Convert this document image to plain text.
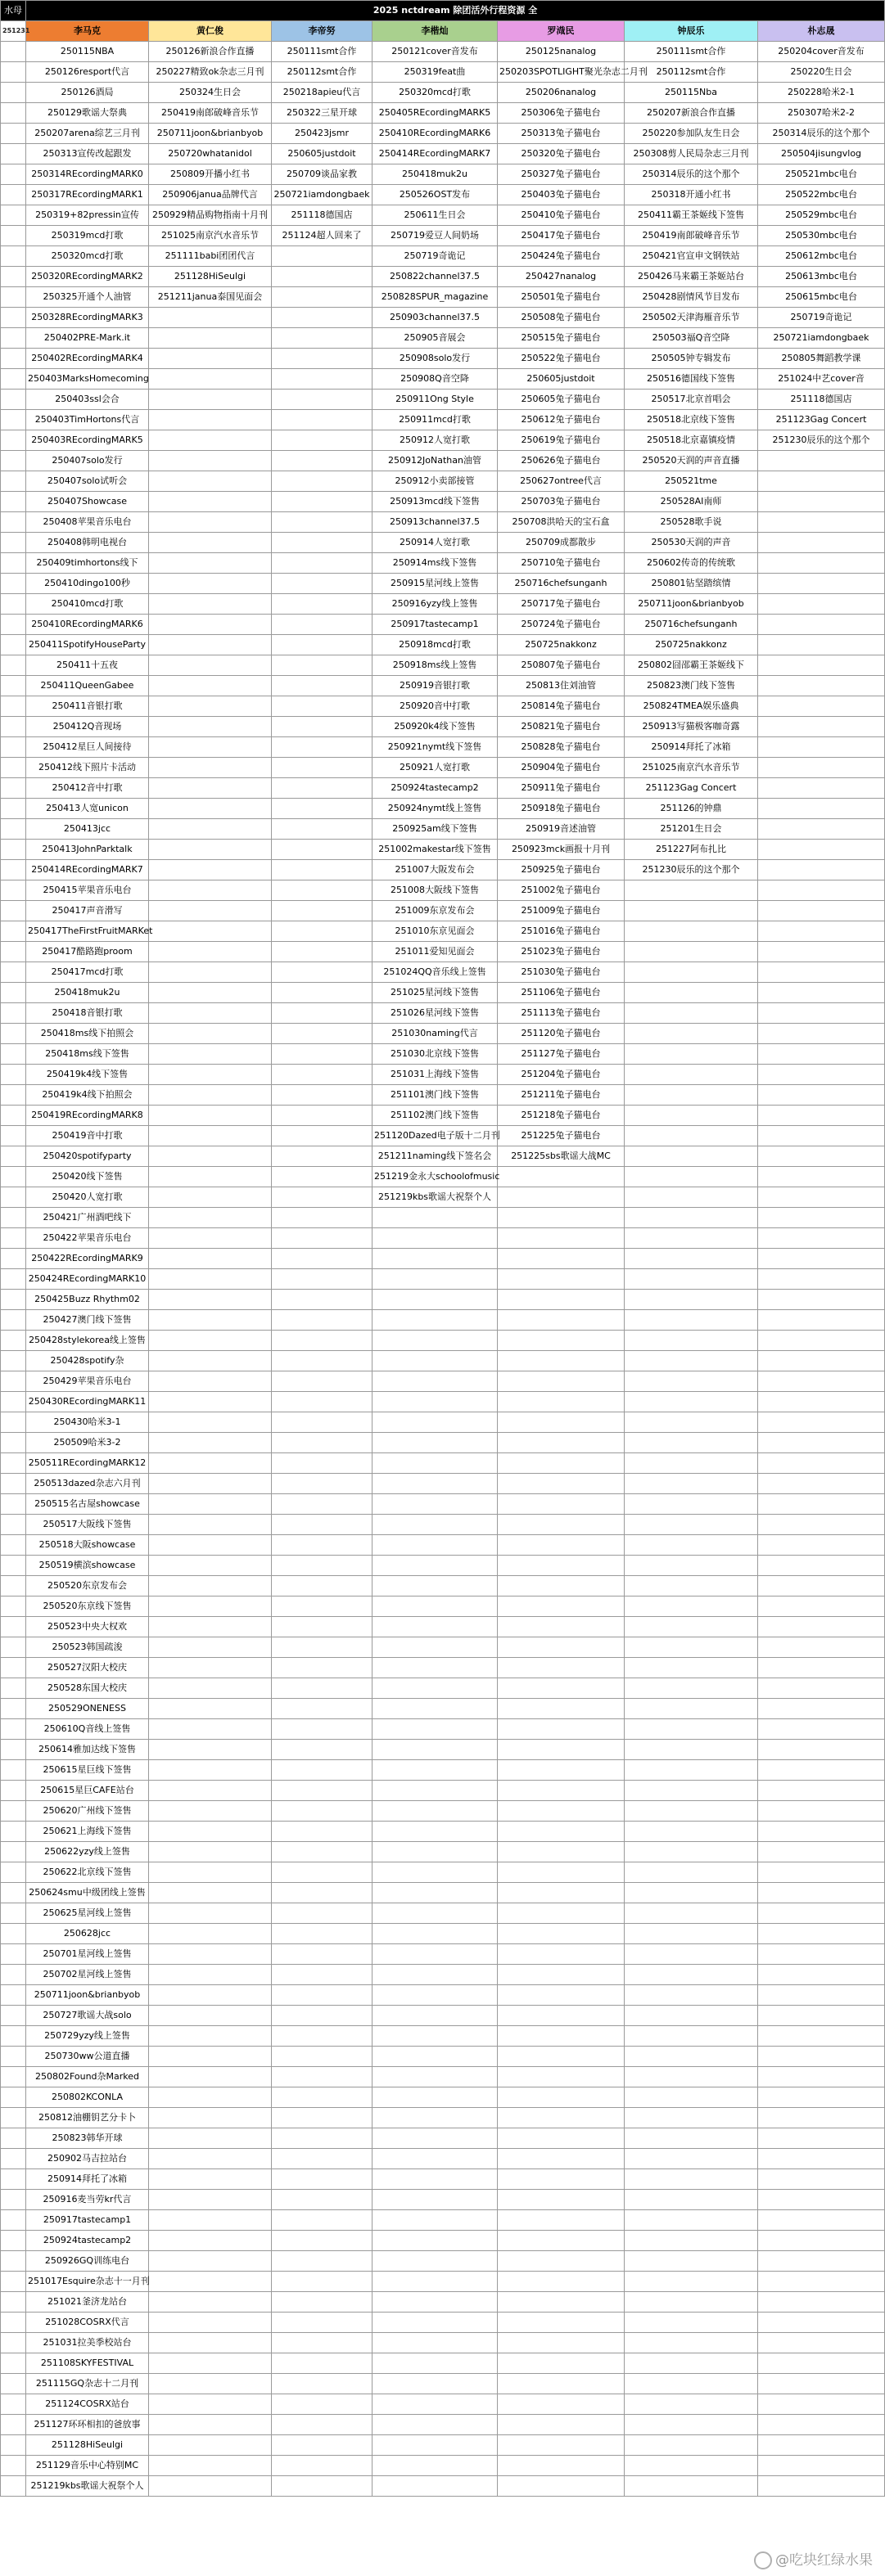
水母	2025 nctdream 除团活外行程资源 全						
251231	李马克	黄仁俊	李帝努	李楷灿	罗渽民	钟辰乐	朴志晟
	250115NBA	250126新浪合作直播	250111smt合作	250121cover音发布	250125nanalog	250111smt合作	250204cover音发布
	250126resport代言	250227精致ok杂志三月刊	250112smt合作	250319feat曲	250203SPOTLIGHT聚光杂志二月刊	250112smt合作	250220生日会
	250126酒局	250324生日会	250218apieu代言	250320mcd打歌	250206nanalog	250115Nba	250228哈米2-1
	250129歌谣大祭典	250419南郎破峰音乐节	250322三星开球	250405REcordingMARK5	250306兔子猫电台	250207新浪合作直播	250307哈米2-2
	250207arena综艺三月刊	250711joon&brianbyob	250423jsmr	250410REcordingMARK6	250313兔子猫电台	250220参加队友生日会	250314辰乐的这个那个
	250313宣传改起跟发	250720whatanidol	250605justdoit	250414REcordingMARK7	250320兔子猫电台	250308剪人民局杂志三月刊	250504jisungvlog
	250314REcordingMARK0	250809开播小红书	250709谈品家教	250418muk2u	250327兔子猫电台	250314辰乐的这个那个	250521mbc电台
	250317REcordingMARK1	250906janua品牌代言	250721iamdongbaek	250526OST发布	250403兔子猫电台	250318开通小红书	250522mbc电台
	250319+82pressin宣传	250929精品购物指南十月刊	251118德国店	250611生日会	250410兔子猫电台	250411霸王茶姬线下签售	250529mbc电台
	250319mcd打歌	251025南京汽水音乐节	251124超人回来了	250719爱豆人间奶场	250417兔子猫电台	250419南郎破峰音乐节	250530mbc电台
	250320mcd打歌	251111babi团团代言		250719奇诡记	250424兔子猫电台	250421官宣申文钢铁站	250612mbc电台
	250320REcordingMARK2	251128HiSeulgi		250822channel37.5	250427nanalog	250426马来霸王茶姬站台	250613mbc电台
	250325开通个人油管	251211janua泰国见面会		250828SPUR_magazine	250501兔子猫电台	250428剧情风节目发布	250615mbc电台
	250328REcordingMARK3			250903channel37.5	250508兔子猫电台	250502天津海雁音乐节	250719奇诡记
	250402PRE-Mark.it			250905音展会	250515兔子猫电台	250503福Q音空降	250721iamdongbaek
	250402REcordingMARK4			250908solo发行	250522兔子猫电台	250505钟专辑发布	250805舞蹈教学课
	250403MarksHomecoming			250908Q音空降	250605justdoit	250516德国线下签售	251024中艺cover音
	250403ssl会合			250911Ong Style	250605兔子猫电台	250517北京首唱会	251118德国店
	250403TimHortons代言			250911mcd打歌	250612兔子猫电台	250518北京线下签售	251123Gag Concert
	250403REcordingMARK5			250912人宽打歌	250619兔子猫电台	250518北京嘉镇疫情	251230辰乐的这个那个
	250407solo发行			250912JoNathan油管	250626兔子猫电台	250520天润的声音直播	
	250407solo试听会			250912小卖部接管	250627ontree代言	250521tme	
	250407Showcase			250913mcd线下签售	250703兔子猫电台	250528AI南师	
	250408苹果音乐电台			250913channel37.5	250708洪哈天的宝石盒	250528歌手说	
	250408韩明电视台			250914人宽打歌	250709成都散步	250530天润的声音	
	250409timhortons线下			250914ms线下签售	250710兔子猫电台	250602传奇的传统歌	
	250410dingo100秒			250915星河线上签售	250716chefsunganh	250801钻坚踏缤情	
	250410mcd打歌			250916yzy线上签售	250717兔子猫电台	250711joon&brianbyob	
	250410REcordingMARK6			250917tastecamp1	250724兔子猫电台	250716chefsunganh	
	250411SpotifyHouseParty			250918mcd打歌	250725nakkonz	250725nakkonz	
	250411十五夜			250918ms线上签售	250807兔子猫电台	250802囧邵霸王茶姬线下	
	250411QueenGabee			250919音银打歌	250813住刘油管	250823澳门线下签售	
	250411音银打歌			250920音中打歌	250814兔子猫电台	250824TMEA娱乐盛典	
	250412Q音现场			250920k4线下签售	250821兔子猫电台	250913写猫极客咖奇露	
	250412星巨人间接待			250921nymt线下签售	250828兔子猫电台	250914拜托了冰箱	
	250412线下照片卡活动			250921人宽打歌	250904兔子猫电台	251025南京汽水音乐节	
	250412音中打歌			250924tastecamp2	250911兔子猫电台	251123Gag Concert	
	250413人宽unicon			250924nymt线上签售	250918兔子猫电台	251126的钟鼎	
	250413jcc			250925am线下签售	250919音述油管	251201生日会	
	250413JohnParktalk			251002makestar线下签售	250923mck画报十月刊	251227阿布扎比	
	250414REcordingMARK7			251007大阪发布会	250925兔子猫电台	251230辰乐的这个那个	
	250415苹果音乐电台			251008大阪线下签售	251002兔子猫电台		
	250417声音滑写			251009东京发布会	251009兔子猫电台		
	250417TheFirstFruitMARKet			251010东京见面会	251016兔子猫电台		
	250417酷路跑proom			251011爱知见面会	251023兔子猫电台		
	250417mcd打歌			251024QQ音乐线上签售	251030兔子猫电台		
	250418muk2u			251025星河线下签售	251106兔子猫电台		
	250418音银打歌			251026星河线下签售	251113兔子猫电台		
	250418ms线下拍照会			251030naming代言	251120兔子猫电台		
	250418ms线下签售			251030北京线下签售	251127兔子猫电台		
	250419k4线下签售			251031上海线下签售	251204兔子猫电台		
	250419k4线下拍照会			251101澳门线下签售	251211兔子猫电台		
	250419REcordingMARK8			251102澳门线下签售	251218兔子猫电台		
	250419音中打歌			251120Dazed电子版十二月刊	251225兔子猫电台		
	250420spotifyparty			251211naming线下签名会	251225sbs歌谣大战MC		
	250420线下签售			251219金永大schoolofmusic			
	250420人宽打歌			251219kbs歌谣大祝祭个人			
	250421广州酒吧线下						
	250422苹果音乐电台						
	250422REcordingMARK9						
	250424REcordingMARK10						
	250425Buzz Rhythm02						
	250427澳门线下签售						
	250428stylekorea线上签售						
	250428spotify杂						
	250429苹果音乐电台						
	250430REcordingMARK11						
	250430哈米3-1						
	250509哈米3-2						
	250511REcordingMARK12						
	250513dazed杂志六月刊						
	250515名古屋showcase						
	250517大阪线下签售						
	250518大阪showcase						
	250519横滨showcase						
	250520东京发布会						
	250520东京线下签售						
	250523中央大权欢						
	250523韩国疏浚						
	250527汉阳大校庆						
	250528东国大校庆						
	250529ONENESS						
	250610Q音线上签售						
	250614雅加达线下签售						
	250615星巨线下签售						
	250615星巨CAFE站台						
	250620广州线下签售						
	250621上海线下签售						
	250622yzy线上签售						
	250622北京线下签售						
	250624smu中级团线上签售						
	250625星河线上签售						
	250628jcc						
	250701星河线上签售						
	250702星河线上签售						
	250711joon&brianbyob						
	250727歌谣大战solo						
	250729yzy线上签售						
	250730ww公道直播						
	250802Found杂Marked						
	250802KCONLA						
	250812油棚钥艺分卡卜						
	250823韩华开球						
	250902马吉拉站台						
	250914拜托了冰箱						
	250916麦当劳kr代言						
	250917tastecamp1						
	250924tastecamp2						
	250926GQ训练电台						
	251017Esquire杂志十一月刊						
	251021釜济龙站台						
	251028COSRX代言						
	251031拉美季校站台						
	251108SKYFESTIVAL						
	251115GQ杂志十二月刊						
	251124COSRX站台						
	251127环环相扣的爸放事						
	251128HiSeulgi						
	251129音乐中心特别MC						
	251219kbs歌谣大祝祭个人						
@吃块红绿水果
